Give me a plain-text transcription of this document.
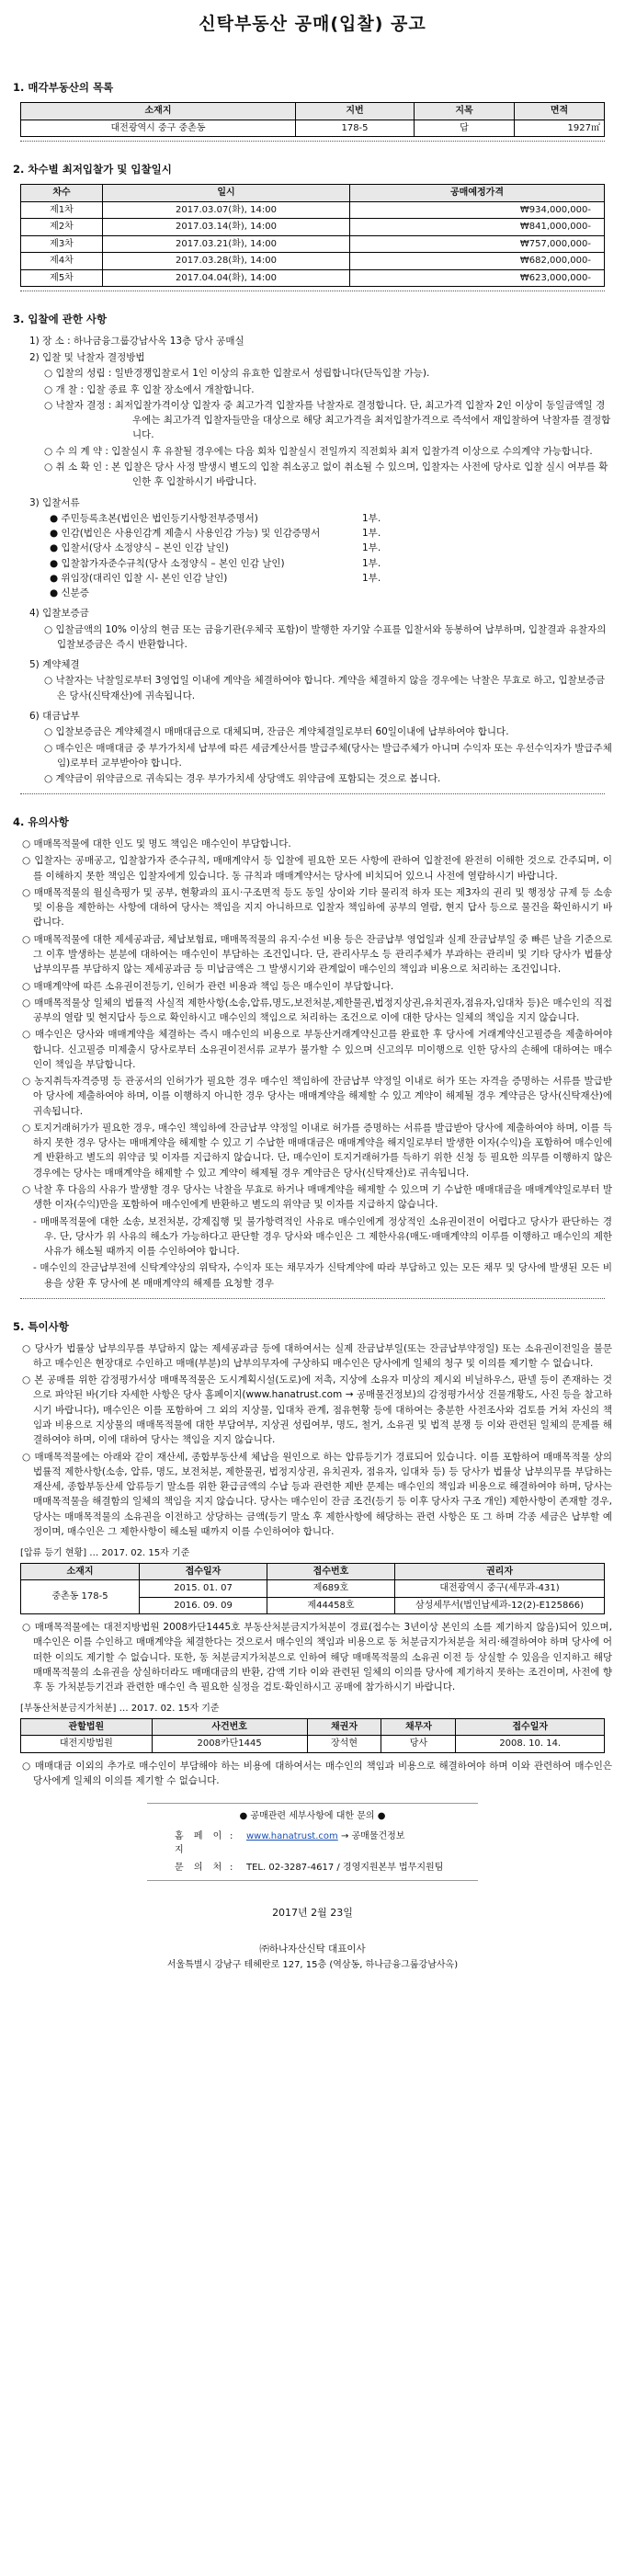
신탁부동산 공매(입찰) 공고
1. 매각부동산의 목록
소재지	지번	지목	면적
대전광역시 중구 중촌동	178-5	답	1927㎡
2. 차수별 최저입찰가 및 입찰일시
차수	일시	공매예정가격
제1차	2017.03.07(화), 14:00	₩934,000,000-
제2차	2017.03.14(화), 14:00	₩841,000,000-
제3차	2017.03.21(화), 14:00	₩757,000,000-
제4차	2017.03.28(화), 14:00	₩682,000,000-
제5차	2017.04.04(화), 14:00	₩623,000,000-
3. 입찰에 관한 사항
1) 장 소 : 하나금융그룹강남사옥 13층 당사 공매실
2) 입찰 및 낙찰자 결정방법
○ 입찰의 성립 : 일반경쟁입찰로서 1인 이상의 유효한 입찰로서 성립합니다(단독입찰 가능).
○ 개 찰 : 입찰 종료 후 입찰 장소에서 개찰합니다.
○ 낙찰자 결정 : 최저입찰가격이상 입찰자 중 최고가격 입찰자를 낙찰자로 결정합니다. 단, 최고가격 입찰자 2인 이상이 동일금액일 경우에는 최고가격 입찰자들만을 대상으로 해당 최고가격을 최저입찰가격으로 즉석에서 재입찰하여 낙찰자를 결정합니다.
○ 수 의 계 약 : 입찰실시 후 유찰될 경우에는 다음 회차 입찰실시 전일까지 직전회차 최저 입찰가격 이상으로 수의계약 가능합니다.
○ 취 소 확 인 : 본 입찰은 당사 사정 발생시 별도의 입찰 취소공고 없이 취소될 수 있으며, 입찰자는 사전에 당사로 입찰 실시 여부를 확인한 후 입찰하시기 바랍니다.
3) 입찰서류
● 주민등록초본(법인은 법인등기사항전부증명서)	1부.
● 인감(법인은 사용인감계 제출시 사용인감 가능) 및 인감증명서	1부.
● 입찰서(당사 소정양식 – 본인 인감 날인)	1부.
● 입찰참가자준수규칙(당사 소정양식 – 본인 인감 날인)	1부.
● 위임장(대리인 입찰 시- 본인 인감 날인)	1부.
● 신분증
4) 입찰보증금
○ 입찰금액의 10% 이상의 현금 또는 금융기관(우체국 포함)이 발행한 자기앞 수표를 입찰서와 동봉하여 납부하며, 입찰결과 유찰자의 입찰보증금은 즉시 반환합니다.
5) 계약체결
○ 낙찰자는 낙찰일로부터 3영업일 이내에 계약을 체결하여야 합니다. 계약을 체결하지 않을 경우에는 낙찰은 무효로 하고, 입찰보증금은 당사(신탁재산)에 귀속됩니다.
6) 대금납부
○ 입찰보증금은 계약체결시 매매대금으로 대체되며, 잔금은 계약체결일로부터 60일이내에 납부하여야 합니다.
○ 매수인은 매매대금 중 부가가치세 납부에 따른 세금계산서를 발급주체(당사는 발급주체가 아니며 수익자 또는 우선수익자가 발급주체임)로부터 교부받아야 합니다.
○ 계약금이 위약금으로 귀속되는 경우 부가가치세 상당액도 위약금에 포함되는 것으로 봅니다.
4. 유의사항
○ 매매목적물에 대한 인도 및 명도 책임은 매수인이 부담합니다.
○ 입찰자는 공매공고, 입찰참가자 준수규칙, 매매계약서 등 입찰에 필요한 모든 사항에 관하여 입찰전에 완전히 이해한 것으로 간주되며, 이를 이해하지 못한 책임은 입찰자에게 있습니다. 동 규칙과 매매계약서는 당사에 비치되어 있으니 사전에 열람하시기 바랍니다.
○ 매매목적물의 월실측평가 및 공부, 현황과의 표시·구조면적 등도 동일 상이와 기타 물리적 하자 또는 제3자의 권리 및 행정상 규제 등 소송 및 이용을 제한하는 사항에 대하여 당사는 책임을 지지 아니하므로 입찰자 책임하에 공부의 열람, 현지 답사 등으로 물건을 확인하시기 바랍니다.
○ 매매목적물에 대한 제세공과금, 체납보험료, 매매목적물의 유지·수선 비용 등은 잔금납부 영업일과 실제 잔금납부일 중 빠른 날을 기준으로 그 이후 발생하는 분분에 대하여는 매수인이 부담하는 조건입니다. 단, 관리사무소 등 관리주체가 부과하는 관리비 및 기타 당사가 법률상 납부의무를 부담하지 않는 제세공과금 등 미납금액은 그 발생시기와 관계없이 매수인의 책임과 비용으로 처리하는 조건입니다.
○ 매매계약에 따른 소유권이전등기, 인허가 관련 비용과 책임 등은 매수인이 부담합니다.
○ 매매목적물상 일체의 법률적 사실적 제한사항(소송,압류,명도,보전처분,제한물권,법정지상권,유치권자,점유자,임대차 등)은 매수인의 직접 공부의 열람 및 현지답사 등으로 확인하시고 매수인의 책임으로 처리하는 조건으로 이에 대한 당사는 일체의 책임을 지지 않습니다.
○ 매수인은 당사와 매매계약을 체결하는 즉시 매수인의 비용으로 부동산거래계약신고를 완료한 후 당사에 거래계약신고필증을 제출하여야 합니다. 신고필증 미제출시 당사로부터 소유권이전서류 교부가 불가할 수 있으며 신고의무 미이행으로 인한 당사의 손해에 대하여는 매수인이 책임을 부담합니다.
○ 농지취득자격증명 등 관공서의 인허가가 필요한 경우 매수인 책임하에 잔금납부 약정일 이내로 허가 또는 자격을 증명하는 서류를 발급받아 당사에 제출하여야 하며, 이를 이행하지 아니한 경우 당사는 매매계약을 해제할 수 있고 계약이 해제될 경우 계약금은 당사(신탁재산)에 귀속됩니다.
○ 토지거래허가가 필요한 경우, 매수인 책임하에 잔금납부 약정일 이내로 허가를 증명하는 서류를 발급받아 당사에 제출하여야 하며, 이를 득하지 못한 경우 당사는 매매계약을 해제할 수 있고 기 수납한 매매대금은 매매계약을 해지일로부터 발생한 이자(수익)을 포함하여 매수인에게 반환하고 별도의 위약금 및 이자를 지급하지 않습니다. 단, 매수인이 토지거래허가를 득하기 위한 신청 등 필요한 의무를 이행하지 않은 경우에는 당사는 매매계약을 해제할 수 있고 계약이 해제될 경우 계약금은 당사(신탁재산)로 귀속됩니다.
○ 낙찰 후 다음의 사유가 발생할 경우 당사는 낙찰을 무효로 하거나 매매계약을 해제할 수 있으며 기 수납한 매매대금을 매매계약일로부터 발생한 이자(수익)만을 포함하여 매수인에게 반환하고 별도의 위약금 및 이자를 지급하지 않습니다.
- 매매목적물에 대한 소송, 보전처분, 강제집행 및 불가항력적인 사유로 매수인에게 정상적인 소유권이전이 어렵다고 당사가 판단하는 경우. 단, 당사가 위 사유의 해소가 가능하다고 판단할 경우 당사와 매수인은 그 제한사유(매도·매매계약의 이루를 이행하고 매수인의 제한사유가 해소될 때까지 이를 수인하여야 합니다.
- 매수인의 잔금납부전에 신탁계약상의 위탁자, 수익자 또는 채무자가 신탁계약에 따라 부담하고 있는 모든 채무 및 당사에 발생된 모든 비용을 상환 후 당사에 본 매매계약의 해제를 요청할 경우
5. 특이사항
○ 당사가 법률상 납부의무를 부담하지 않는 제세공과금 등에 대하여서는 실제 잔금납부일(또는 잔금납부약정일) 또는 소유권이전일을 불문하고 매수인은 현장대로 수인하고 매매(부분)의 납부의무자에 구상하되 매수인은 당사에게 일체의 청구 및 이의를 제기할 수 없습니다.
○ 본 공매를 위한 감정평가서상 매매목적물은 도시계획시설(도로)에 저촉, 지상에 소유자 미상의 제시외 비닐하우스, 판넬 등이 존재하는 것으로 파악된 바(기타 자세한 사항은 당사 홈페이지(www.hanatrust.com → 공매물건정보)의 감정평가서상 건물개황도, 사진 등을 참고하시기 바랍니다), 매수인은 이를 포함하여 그 외의 지상물, 입대차 관계, 점유현황 등에 대하여는 충분한 사전조사와 검토를 거쳐 자신의 책임과 비용으로 지상물의 매매목적물에 대한 부담여부, 지상권 성립여부, 명도, 철거, 소유권 및 법적 분쟁 등 이와 관련된 일체의 문제를 해결하여야 하며, 이에 대하여 당사는 책임을 지지 않습니다.
○ 매매목적물에는 아래와 같이 재산세, 종합부동산세 체납을 원인으로 하는 압류등기가 경료되어 있습니다. 이를 포함하여 매매목적물 상의 법률적 제한사항(소송, 압류, 명도, 보전처분, 제한물권, 법정지상권, 유치권자, 점유자, 임대차 등) 등 당사가 법률상 납부의무를 부담하는 재산세, 종합부동산세 압류등기 말소를 위한 환급금액의 수납 등과 관련한 제반 문제는 매수인의 책임과 비용으로 해결하여야 하며, 당사는 매매목적물을 해결함의 일체의 책임을 지지 않습니다. 당사는 매수인이 잔금 조건(등기 등 이후 당사자 구조 개인) 제한사항이 존재할 경우, 당사는 매매목적물의 소유권을 이전하고 상당하는 금액(등기 말소 후 제한사항에 해당하는 관련 사항은 또 그 하며 각종 세금은 납부할 예정이며, 매수인은 그 제한사항이 해소될 때까지 이를 수인하여야 합니다.
[압류 등기 현황] … 2017. 02. 15자 기준
소재지	접수일자	접수번호	권리자
중촌동 178-5	2015. 01. 07	제689호	대전광역시 중구(세무과-431)
	2016. 09. 09	제44458호	삼성세무서(법인납세과-12(2)-E125866)
○ 매매목적물에는 대전지방법원 2008카단1445호 부동산처분금지가처분이 경료(접수는 3년이상 본인의 소를 제기하지 않음)되어 있으며, 매수인은 이를 수인하고 매매계약을 체결한다는 것으로서 매수인의 책임과 비용으로 동 처분금지가처분을 처리·해결하여야 하며 당사에 어떠한 이의도 제기할 수 없습니다. 또한, 동 처분금지가처분으로 인하여 해당 매매목적물의 소유권 이전 등 상실할 수 있음을 인지하고 해당 매매목적물의 소유권을 상실하더라도 매매대금의 반환, 감액 기타 이와 관련된 일체의 이의를 당사에 제기하지 못하는 조건이며, 사전에 향후 동 가처분등기건과 관련한 매수인 측 필요한 실정을 검토·확인하시고 공매에 참가하시기 바랍니다.
[부동산처분금지가처분] … 2017. 02. 15자 기준
관할법원	사건번호	채권자	채무자	접수일자
대전지방법원	2008카단1445	장석현	당사	2008. 10. 14.
○ 매매대금 이외의 추가로 매수인이 부담해야 하는 비용에 대하여서는 매수인의 책임과 비용으로 해결하여야 하며 이와 관련하여 매수인은 당사에게 일체의 이의를 제기할 수 없습니다.
● 공매관련 세부사항에 대한 문의 ●
홈 페 이 지
:	www.hanatrust.com → 공매물건정보
문 의 처 :	TEL. 02-3287-4617 / 경영지원본부 법무지원팀
2017년 2월 23일
㈜하나자산신탁 대표이사
서울특별시 강남구 테헤란로 127, 15층 (역삼동, 하나금융그룹강남사옥)
